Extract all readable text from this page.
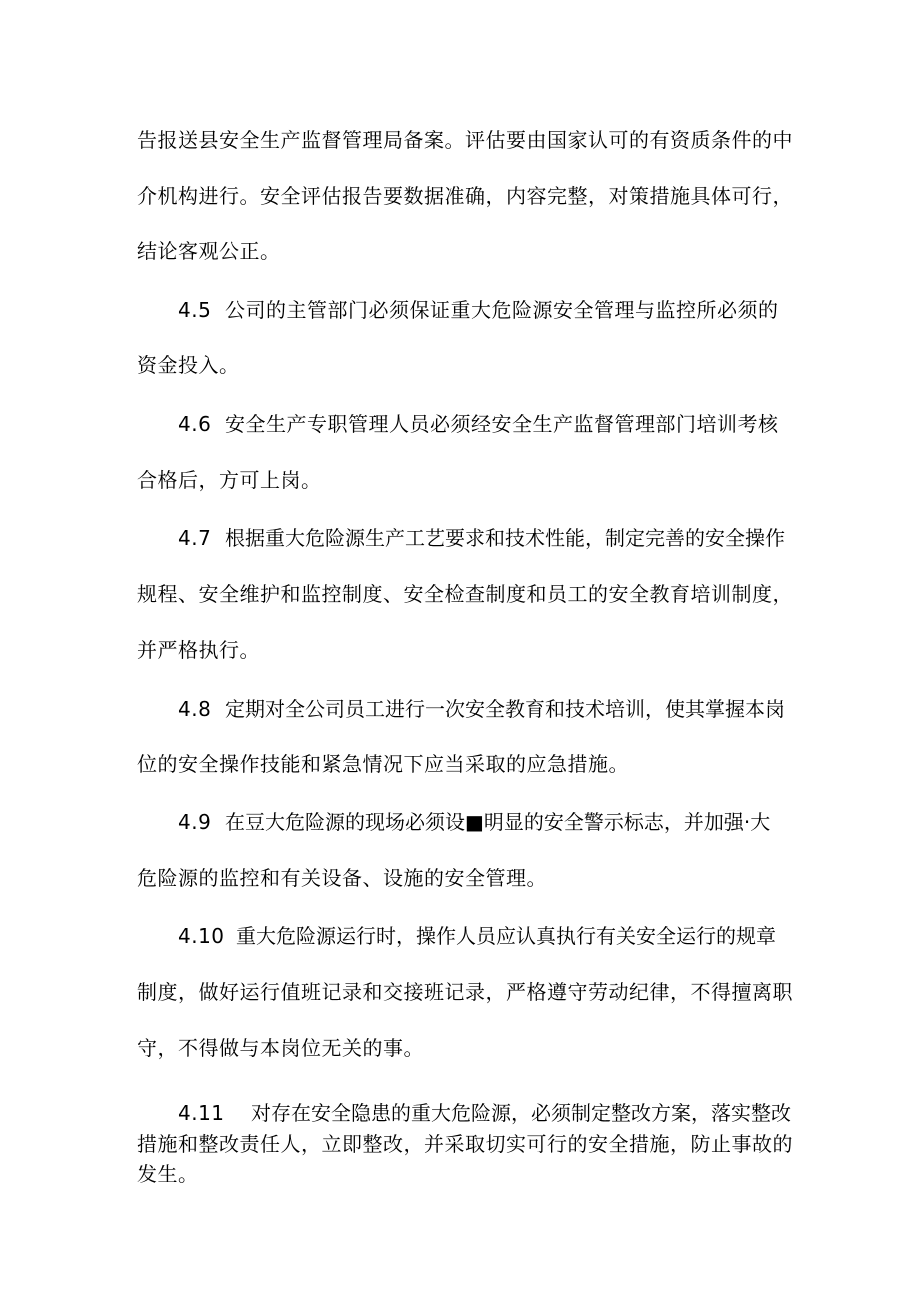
告报送县安全生产监督管理局备案。评估要由国家认可的有资质条件的中
介机构进行。安全评估报告要数据准确，内容完整，对策措施具体可行，
结论客观公正。
4.5 公司的主管部门必须保证重大危险源安全管理与监控所必须的
资金投入。
4.6 安全生产专职管理人员必须经安全生产监督管理部门培训考核
合格后，方可上岗。
4.7 根据重大危险源生产工艺要求和技术性能，制定完善的安全操作
规程、安全维护和监控制度、安全检查制度和员工的安全教育培训制度，
并严格执行。
4.8 定期对全公司员工进行一次安全教育和技术培训，使其掌握本岗
位的安全操作技能和紧急情况下应当采取的应急措施。
4.9 在豆大危险源的现场必须设■明显的安全警示标志，并加强·大
危险源的监控和有关设备、设施的安全管理。
4.10 重大危险源运行时，操作人员应认真执行有关安全运行的规章
制度，做好运行值班记录和交接班记录，严格遵守劳动纪律，不得擅离职
守，不得做与本岗位无关的事。
4.11 对存在安全隐患的重大危险源，必须制定整改方案，落实整改
措施和整改责任人，立即整改，并采取切实可行的安全措施，防止事故的
发生。
